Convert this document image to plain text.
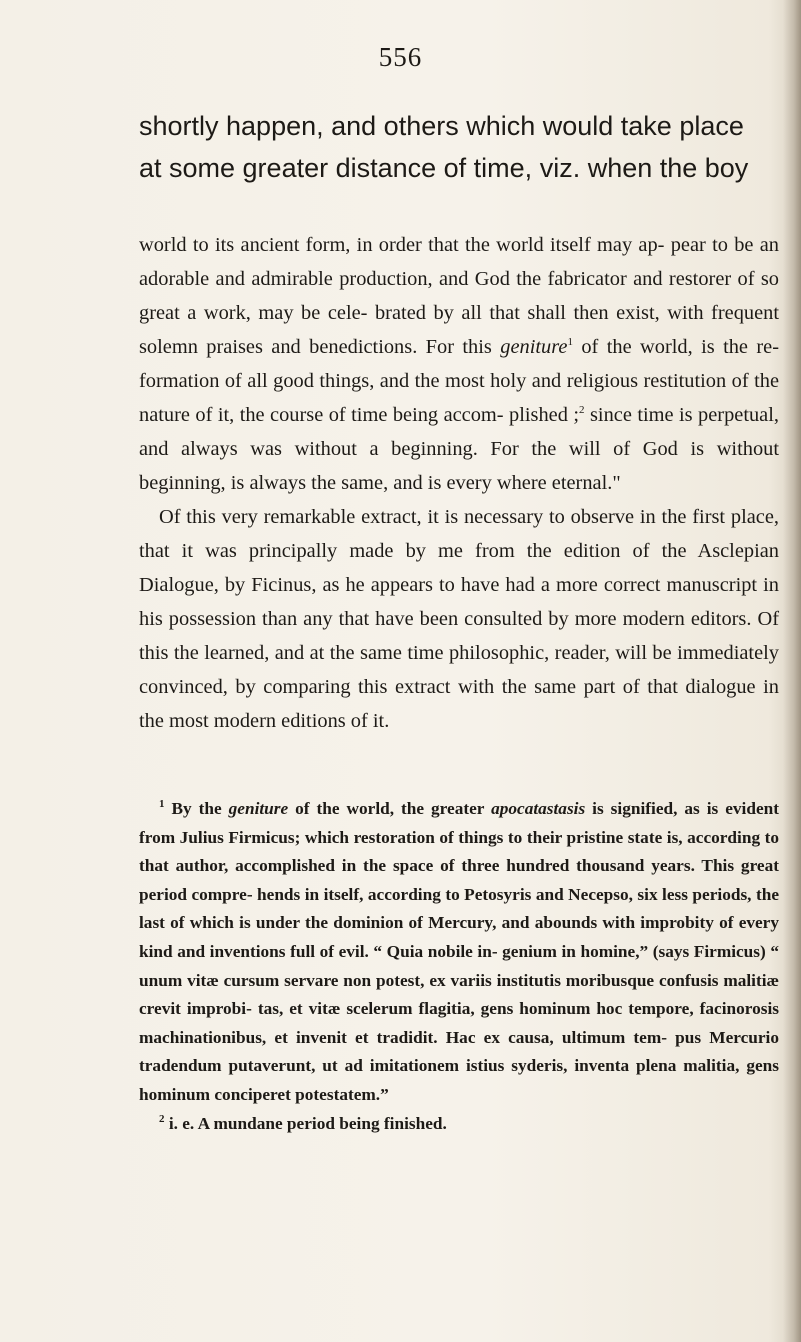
556
shortly happen, and others which would take place
at some greater distance of time, viz. when the boy

world to its ancient form, in order that the world itself may ap- pear to be an adorable and admirable production, and God the fabricator and restorer of so great a work, may be cele- brated by all that shall then exist, with frequent solemn praises and benedictions. For this geniture$^1$ of the world, is the re- formation of all good things, and the most holy and religious restitution of the nature of it, the course of time being accom- plished ;$^2$ since time is perpetual, and always was without a beginning. For the will of God is without beginning, is always the same, and is every where eternal."

Of this very remarkable extract, it is necessary to observe in the first place, that it was principally made by me from the edition of the Asclepian Dialogue, by Ficinus, as he appears to have had a more correct manuscript in his possession than any that have been consulted by more modern editors. Of this the learned, and at the same time philosophic, reader, will be immediately convinced, by comparing this extract with the same part of that dialogue in the most modern editions of it.

$^1$ By the geniture of the world, the greater apocatastasis is signified, as is evident from Julius Firmicus; which restoration of things to their pristine state is, according to that author, accomplished in the space of three hundred thousand years. This great period compre- hends in itself, according to Petosyris and Necepso, six less periods, the last of which is under the dominion of Mercury, and abounds with improbity of every kind and inventions full of evil. “ Quia nobile in- genium in homine,” (says Firmicus) “ unum vitæ cursum servare non potest, ex variis institutis moribusque confusis malitiæ crevit improbi- tas, et vitæ scelerum flagitia, gens hominum hoc tempore, facinorosis machinationibus, et invenit et tradidit. Hac ex causa, ultimum tem- pus Mercurio tradendum putaverunt, ut ad imitationem istius syderis, inventa plena malitia, gens hominum conciperet potestatem.”

$^2$ i. e. A mundane period being finished.
